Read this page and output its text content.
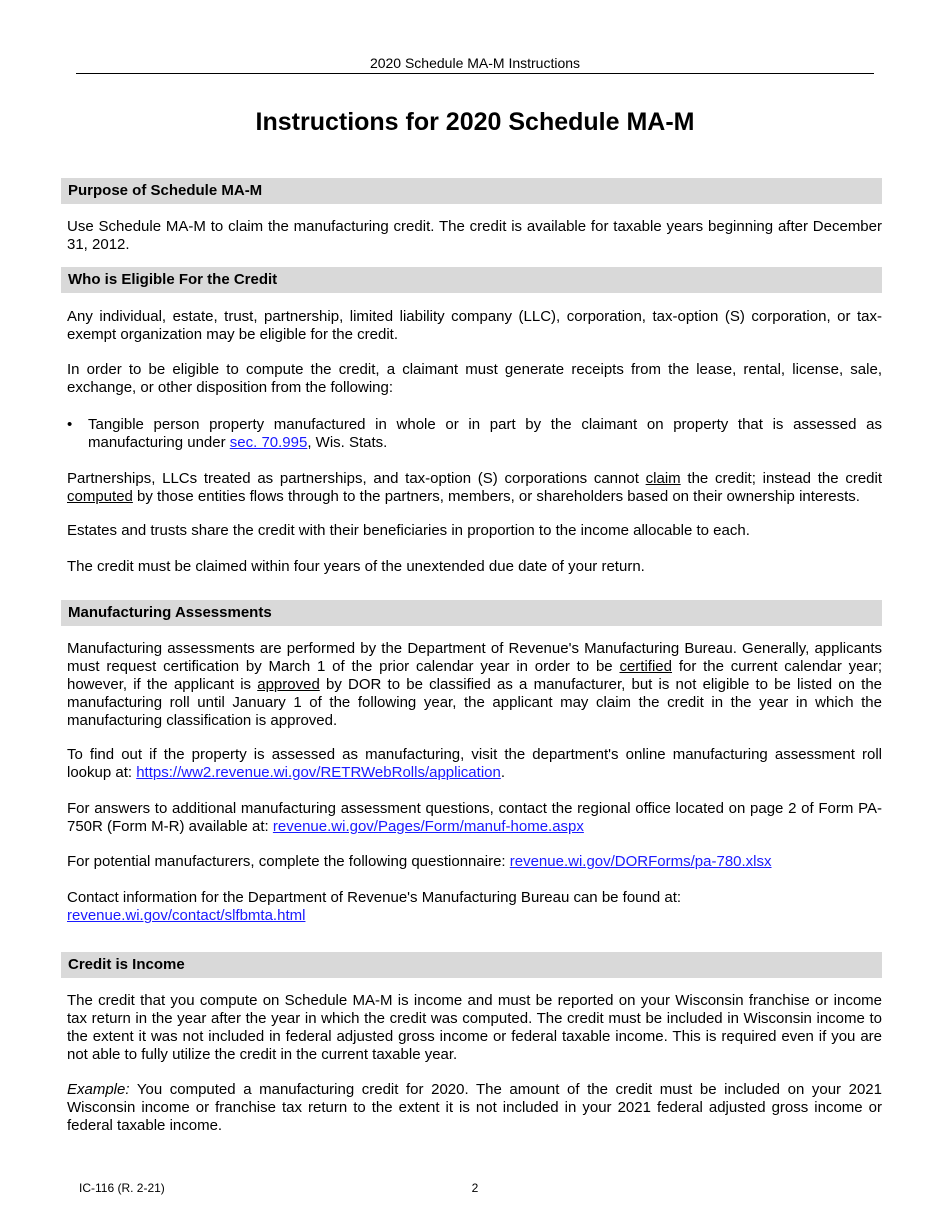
2020 Schedule MA-M Instructions
Instructions for 2020 Schedule MA-M
Purpose of Schedule MA-M

Use Schedule MA-M to claim the manufacturing credit. The credit is available for taxable years beginning after December 31, 2012.

Who is Eligible For the Credit

Any individual, estate, trust, partnership, limited liability company (LLC), corporation, tax-option (S) corporation, or tax-exempt organization may be eligible for the credit.

In order to be eligible to compute the credit, a claimant must generate receipts from the lease, rental, license, sale, exchange, or other disposition from the following:

• Tangible person property manufactured in whole or in part by the claimant on property that is assessed as manufacturing under sec. 70.995, Wis. Stats.

Partnerships, LLCs treated as partnerships, and tax-option (S) corporations cannot claim the credit; instead the credit computed by those entities flows through to the partners, members, or shareholders based on their ownership interests.

Estates and trusts share the credit with their beneficiaries in proportion to the income allocable to each.

The credit must be claimed within four years of the unextended due date of your return.

Manufacturing Assessments

Manufacturing assessments are performed by the Department of Revenue's Manufacturing Bureau. Generally, applicants must request certification by March 1 of the prior calendar year in order to be certified for the current calendar year; however, if the applicant is approved by DOR to be classified as a manufacturer, but is not eligible to be listed on the manufacturing roll until January 1 of the following year, the applicant may claim the credit in the year in which the manufacturing classification is approved.

To find out if the property is assessed as manufacturing, visit the department's online manufacturing assessment roll lookup at: https://ww2.revenue.wi.gov/RETRWebRolls/application.

For answers to additional manufacturing assessment questions, contact the regional office located on page 2 of Form PA-750R (Form M-R) available at: revenue.wi.gov/Pages/Form/manuf-home.aspx

For potential manufacturers, complete the following questionnaire: revenue.wi.gov/DORForms/pa-780.xlsx

Contact information for the Department of Revenue's Manufacturing Bureau can be found at:
revenue.wi.gov/contact/slfbmta.html

Credit is Income

The credit that you compute on Schedule MA-M is income and must be reported on your Wisconsin franchise or income tax return in the year after the year in which the credit was computed. The credit must be included in Wisconsin income to the extent it was not included in federal adjusted gross income or federal taxable income. This is required even if you are not able to fully utilize the credit in the current taxable year.

Example: You computed a manufacturing credit for 2020. The amount of the credit must be included on your 2021 Wisconsin income or franchise tax return to the extent it is not included in your 2021 federal adjusted gross income or federal taxable income.

IC-116 (R. 2-21)	2
